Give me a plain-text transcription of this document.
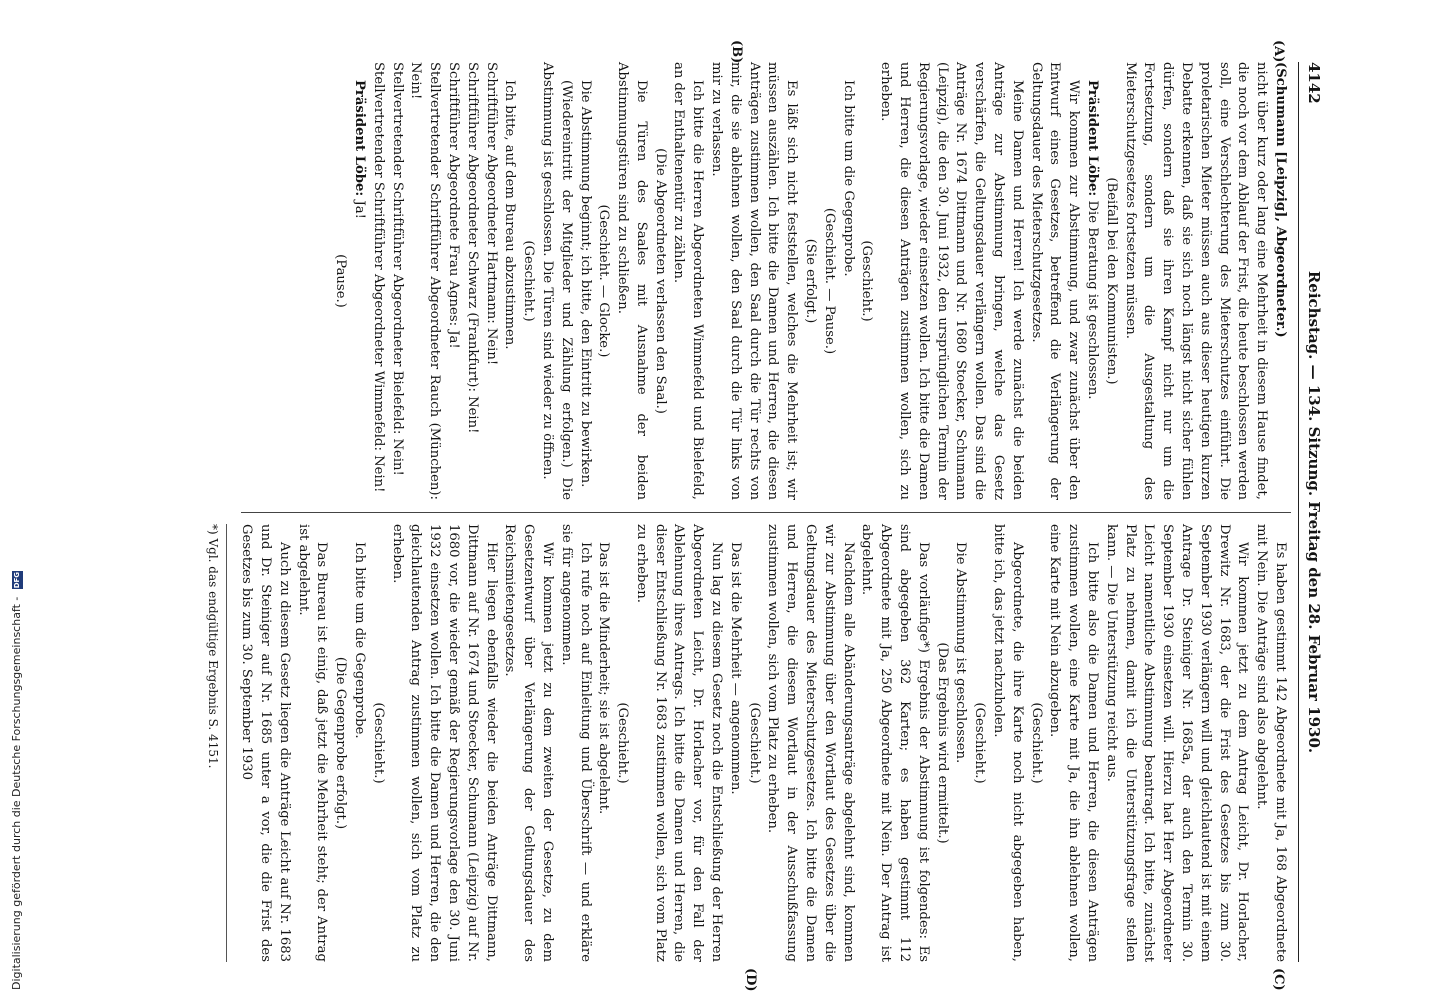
4142
Reichstag. — 134. Sitzung. Freitag den 28. Februar 1930.
(A)
(B)
(C)
(D)

(Schumann [Leipzig], Abgeordneter.)

nicht über kurz oder lang eine Mehrheit in diesem Hause findet, die noch vor dem Ablauf der Frist, die heute beschlossen werden soll, eine Verschlechterung des Mieterschutzes einführt. Die proletarischen Mieter müssen auch aus dieser heutigen kurzen Debatte erkennen, daß sie sich noch längst nicht sicher fühlen dürfen, sondern daß sie ihren Kampf nicht nur um die Fortsetzung, sondern um die Ausgestaltung des Mieterschutzgesetzes fortsetzen müssen.

(Beifall bei den Kommunisten.)

Präsident Löbe: Die Beratung ist geschlossen.

Wir kommen zur Abstimmung, und zwar zunächst über den Entwurf eines Gesetzes, betreffend die Verlängerung der Geltungsdauer des Mieterschutzgesetzes.

Meine Damen und Herren! Ich werde zunächst die beiden Anträge zur Abstimmung bringen, welche das Gesetz verschärfen, die Geltungsdauer verlängern wollen. Das sind die Anträge Nr. 1674 Dittmann und Nr. 1680 Stoecker, Schumann (Leipzig), die den 30. Juni 1932, den ursprünglichen Termin der Regierungsvorlage, wieder einsetzen wollen. Ich bitte die Damen und Herren, die diesen Anträgen zustimmen wollen, sich zu erheben.

(Geschieht.)

Ich bitte um die Gegenprobe.

(Geschieht. — Pause.)

(Sie erfolgt.)

Es läßt sich nicht feststellen, welches die Mehrheit ist; wir müssen auszählen. Ich bitte die Damen und Herren, die diesen Anträgen zustimmen wollen, den Saal durch die Tür rechts von mir, die sie ablehnen wollen, den Saal durch die Tür links von mir zu verlassen.

Ich bitte die Herren Abgeordneten Wimmefeld und Bielefeld, an der Enthaltenentür zu zählen.

(Die Abgeordneten verlassen den Saal.)

Die Türen des Saales mit Ausnahme der beiden Abstimmungstüren sind zu schließen.

(Geschieht. — Glocke.)

Die Abstimmung beginnt; ich bitte, den Eintritt zu bewirken.

(Wiedereintritt der Mitglieder und Zählung erfolgen.) Die Abstimmung ist geschlossen. Die Türen sind wieder zu öffnen.

(Geschieht.)

Ich bitte, auf dem Bureau abzustimmen.

Schriftführer Abgeordneter Hartmann: Nein!

Schriftführer Abgeordneter Schwarz (Frankfurt): Nein!

Schriftführer Abgeordnete Frau Agnes: Ja!

Stellvertretender Schriftführer Abgeordneter Rauch (München): Nein!

Stellvertretender Schriftführer Abgeordneter Bielefeld: Nein!

Stellvertretender Schriftführer Abgeordneter Wimmefeld: Nein!

Präsident Löbe: Ja!

(Pause.)

Es haben gestimmt 142 Abgeordnete mit Ja, 168 Abgeordnete mit Nein. Die Anträge sind also abgelehnt.

Wir kommen jetzt zu dem Antrag Leicht, Dr. Horlacher, Drewitz Nr. 1683, der die Frist des Gesetzes bis zum 30. September 1930 verlängern will und gleichlautend ist mit einem Antrage Dr. Steiniger Nr. 1685a, der auch den Termin 30. September 1930 einsetzen will. Hierzu hat Herr Abgeordneter Leicht namentliche Abstimmung beantragt. Ich bitte, zunächst Platz zu nehmen, damit ich die Unterstützungsfrage stellen kann. — Die Unterstützung reicht aus.

Ich bitte also die Damen und Herren, die diesen Anträgen zustimmen wollen, eine Karte mit Ja, die ihn ablehnen wollen, eine Karte mit Nein abzugeben.

(Geschieht.)

Abgeordnete, die ihre Karte noch nicht abgegeben haben, bitte ich, das jetzt nachzuholen.

(Geschieht.)

Die Abstimmung ist geschlossen.

(Das Ergebnis wird ermittelt.)

Das vorläufige*) Ergebnis der Abstimmung ist folgendes: Es sind abgegeben 362 Karten; es haben gestimmt 112 Abgeordnete mit Ja, 250 Abgeordnete mit Nein. Der Antrag ist abgelehnt.

Nachdem alle Abänderungsanträge abgelehnt sind, kommen wir zur Abstimmung über den Wortlaut des Gesetzes über die Geltungsdauer des Mieterschutzgesetzes. Ich bitte die Damen und Herren, die diesem Wortlaut in der Ausschußfassung zustimmen wollen, sich vom Platz zu erheben.

(Geschieht.)

Das ist die Mehrheit — angenommen.

Nun lag zu diesem Gesetz noch die Entschließung der Herren Abgeordneten Leicht, Dr. Horlacher vor, für den Fall der Ablehnung ihres Antrags. Ich bitte die Damen und Herren, die dieser Entschließung Nr. 1683 zustimmen wollen, sich vom Platz zu erheben.

(Geschieht.)

Das ist die Minderheit; sie ist abgelehnt.

Ich rufe noch auf Einleitung und Überschrift — und erkläre sie für angenommen.

Wir kommen jetzt zu dem zweiten der Gesetze, zu dem Gesetzentwurf über Verlängerung der Geltungsdauer des Reichsmietengesetzes.

Hier liegen ebenfalls wieder die beiden Anträge Dittmann, Dittmann auf Nr. 1674 und Stoecker, Schumann (Leipzig) auf Nr. 1680 vor, die wieder gemäß der Regierungsvorlage den 30. Juni 1932 einsetzen wollen. Ich bitte die Damen und Herren, die den gleichlautenden Antrag zustimmen wollen, sich vom Platz zu erheben.

(Geschieht.)

Ich bitte um die Gegenprobe.

(Die Gegenprobe erfolgt.)

Das Bureau ist einig, daß jetzt die Mehrheit steht; der Antrag ist abgelehnt.

Auch zu diesem Gesetz liegen die Anträge Leicht auf Nr. 1683 und Dr. Steiniger auf Nr. 1685 unter a vor, die die Frist des Gesetzes bis zum 30. September 1930

*) Vgl. das endgültige Ergebnis S. 4151.
Digitalisierung gefördert durch die Deutsche Forschungsgemeinschaft - DFG
